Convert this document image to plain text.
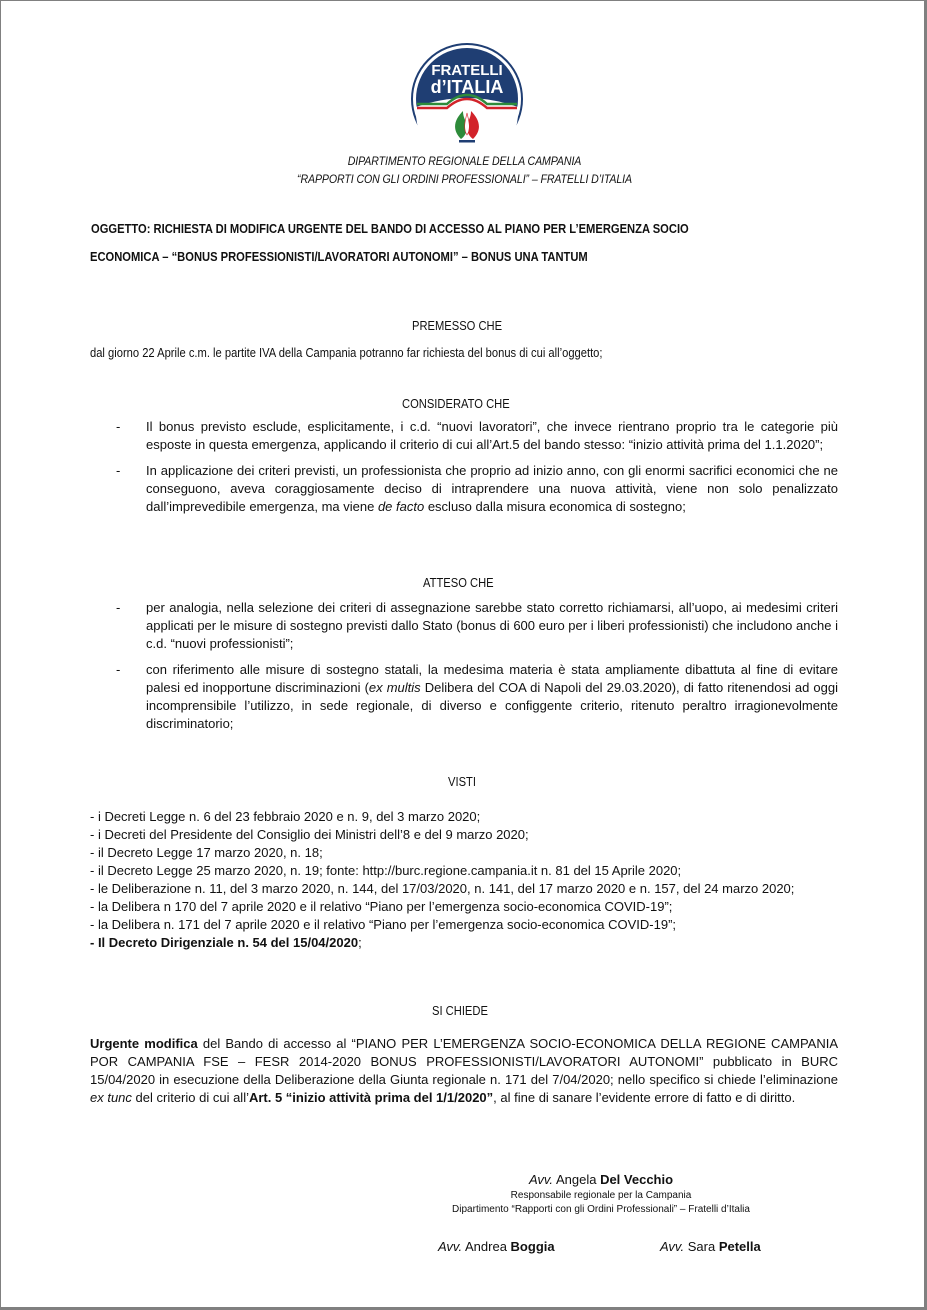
FRATELLI
d’ITALIA
DIPARTIMENTO REGIONALE DELLA CAMPANIA
“RAPPORTI CON GLI ORDINI PROFESSIONALI” – FRATELLI D’ITALIA
OGGETTO: RICHIESTA DI MODIFICA URGENTE DEL BANDO DI ACCESSO AL PIANO PER L’EMERGENZA SOCIO
ECONOMICA – “BONUS PROFESSIONISTI/LAVORATORI AUTONOMI” – BONUS UNA TANTUM
PREMESSO CHE
dal giorno 22 Aprile c.m. le partite IVA della Campania potranno far richiesta del bonus di cui all’oggetto;
CONSIDERATO CHE
- Il bonus previsto esclude, esplicitamente, i c.d. “nuovi lavoratori”, che invece rientrano proprio tra le categorie più esposte in questa emergenza, applicando il criterio di cui all’Art.5 del bando stesso: “inizio attività prima del 1.1.2020”;
- In applicazione dei criteri previsti, un professionista che proprio ad inizio anno, con gli enormi sacrifici economici che ne conseguono, aveva coraggiosamente deciso di intraprendere una nuova attività, viene non solo penalizzato dall’imprevedibile emergenza, ma viene de facto escluso dalla misura economica di sostegno;
ATTESO CHE
- per analogia, nella selezione dei criteri di assegnazione sarebbe stato corretto richiamarsi, all’uopo, ai medesimi criteri applicati per le misure di sostegno previsti dallo Stato (bonus di 600 euro per i liberi professionisti) che includono anche i c.d. “nuovi professionisti”;
- con riferimento alle misure di sostegno statali, la medesima materia è stata ampliamente dibattuta al fine di evitare palesi ed inopportune discriminazioni (ex multis Delibera del COA di Napoli del 29.03.2020), di fatto ritenendosi ad oggi incomprensibile l’utilizzo, in sede regionale, di diverso e configgente criterio, ritenuto peraltro irragionevolmente discriminatorio;
VISTI
- i Decreti Legge n. 6 del 23 febbraio 2020 e n. 9, del 3 marzo 2020;
- i Decreti del Presidente del Consiglio dei Ministri dell’8 e del 9 marzo 2020;
- il Decreto Legge 17 marzo 2020, n. 18;
- il Decreto Legge 25 marzo 2020, n. 19; fonte: http://burc.regione.campania.it n. 81 del 15 Aprile 2020;
- le Deliberazione n. 11, del 3 marzo 2020, n. 144, del 17/03/2020, n. 141, del 17 marzo 2020 e n. 157, del 24 marzo 2020;
- la Delibera n 170 del 7 aprile 2020 e il relativo “Piano per l’emergenza socio-economica COVID-19”;
- la Delibera n. 171 del 7 aprile 2020 e il relativo “Piano per l’emergenza socio-economica COVID-19”;
- Il Decreto Dirigenziale n. 54 del 15/04/2020;
SI CHIEDE
Urgente modifica del Bando di accesso al “PIANO PER L’EMERGENZA SOCIO-ECONOMICA DELLA REGIONE CAMPANIA POR CAMPANIA FSE – FESR 2014-2020 BONUS PROFESSIONISTI/LAVORATORI AUTONOMI” pubblicato in BURC 15/04/2020 in esecuzione della Deliberazione della Giunta regionale n. 171 del 7/04/2020; nello specifico si chiede l’eliminazione ex tunc del criterio di cui all’Art. 5 “inizio attività prima del 1/1/2020”, al fine di sanare l’evidente errore di fatto e di diritto.
Avv. Angela Del Vecchio
Responsabile regionale per la Campania
Dipartimento “Rapporti con gli Ordini Professionali” – Fratelli d’Italia
Avv. Andrea Boggia	Avv. Sara Petella
